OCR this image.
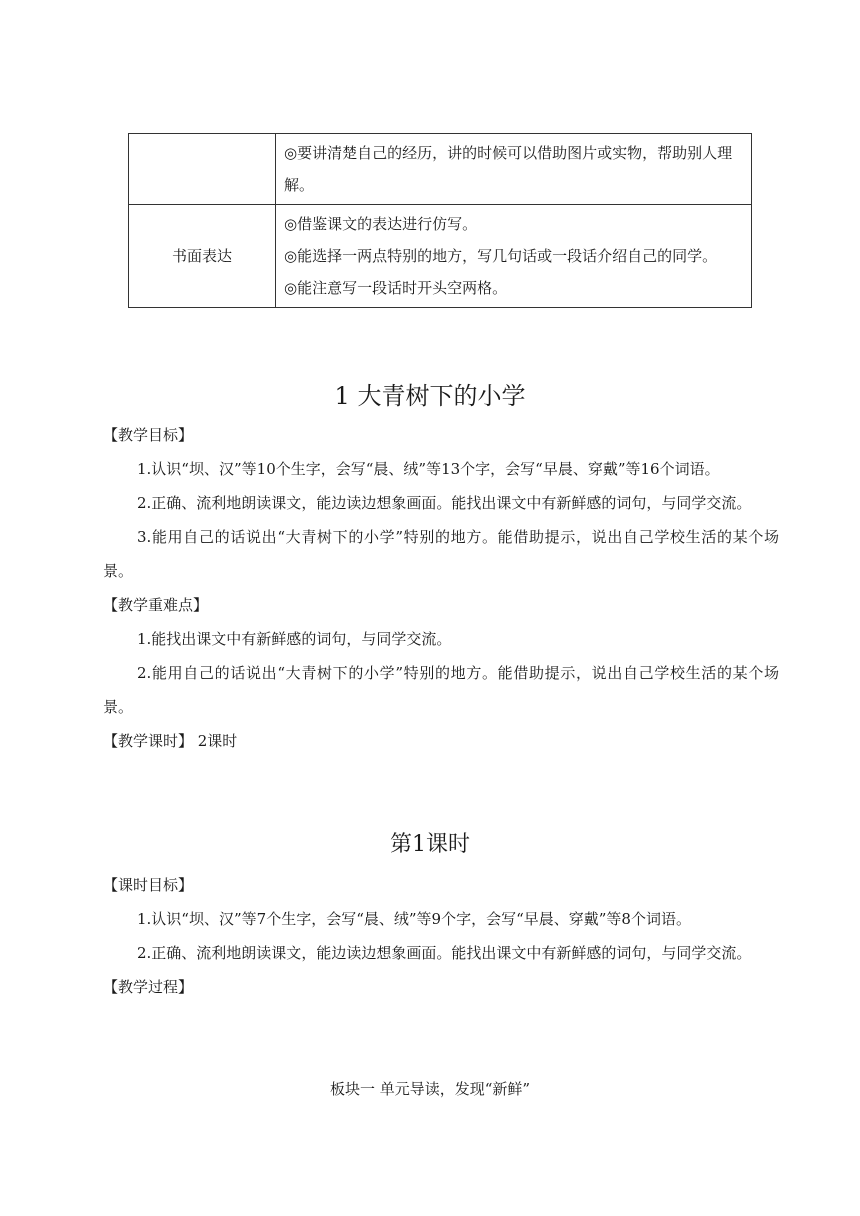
	◎要讲清楚自己的经历，讲的时候可以借助图片或实物，帮助别人理解。

书面表达	◎借鉴课文的表达进行仿写。
◎能选择一两点特别的地方，写几句话或一段话介绍自己的同学。
◎能注意写一段话时开头空两格。
1 大青树下的小学

【教学目标】

1.认识“坝、汉”等10个生字，会写“晨、绒”等13个字，会写“早晨、穿戴”等16个词语。

2.正确、流利地朗读课文，能边读边想象画面。能找出课文中有新鲜感的词句，与同学交流。

3.能用自己的话说出“大青树下的小学”特别的地方。能借助提示，说出自己学校生活的某个场景。

【教学重难点】

1.能找出课文中有新鲜感的词句，与同学交流。

2.能用自己的话说出“大青树下的小学”特别的地方。能借助提示，说出自己学校生活的某个场景。

【教学课时】 2课时

第1课时

【课时目标】

1.认识“坝、汉”等7个生字，会写“晨、绒”等9个字，会写“早晨、穿戴”等8个词语。

2.正确、流利地朗读课文，能边读边想象画面。能找出课文中有新鲜感的词句，与同学交流。

【教学过程】

板块一 单元导读，发现“新鲜”
